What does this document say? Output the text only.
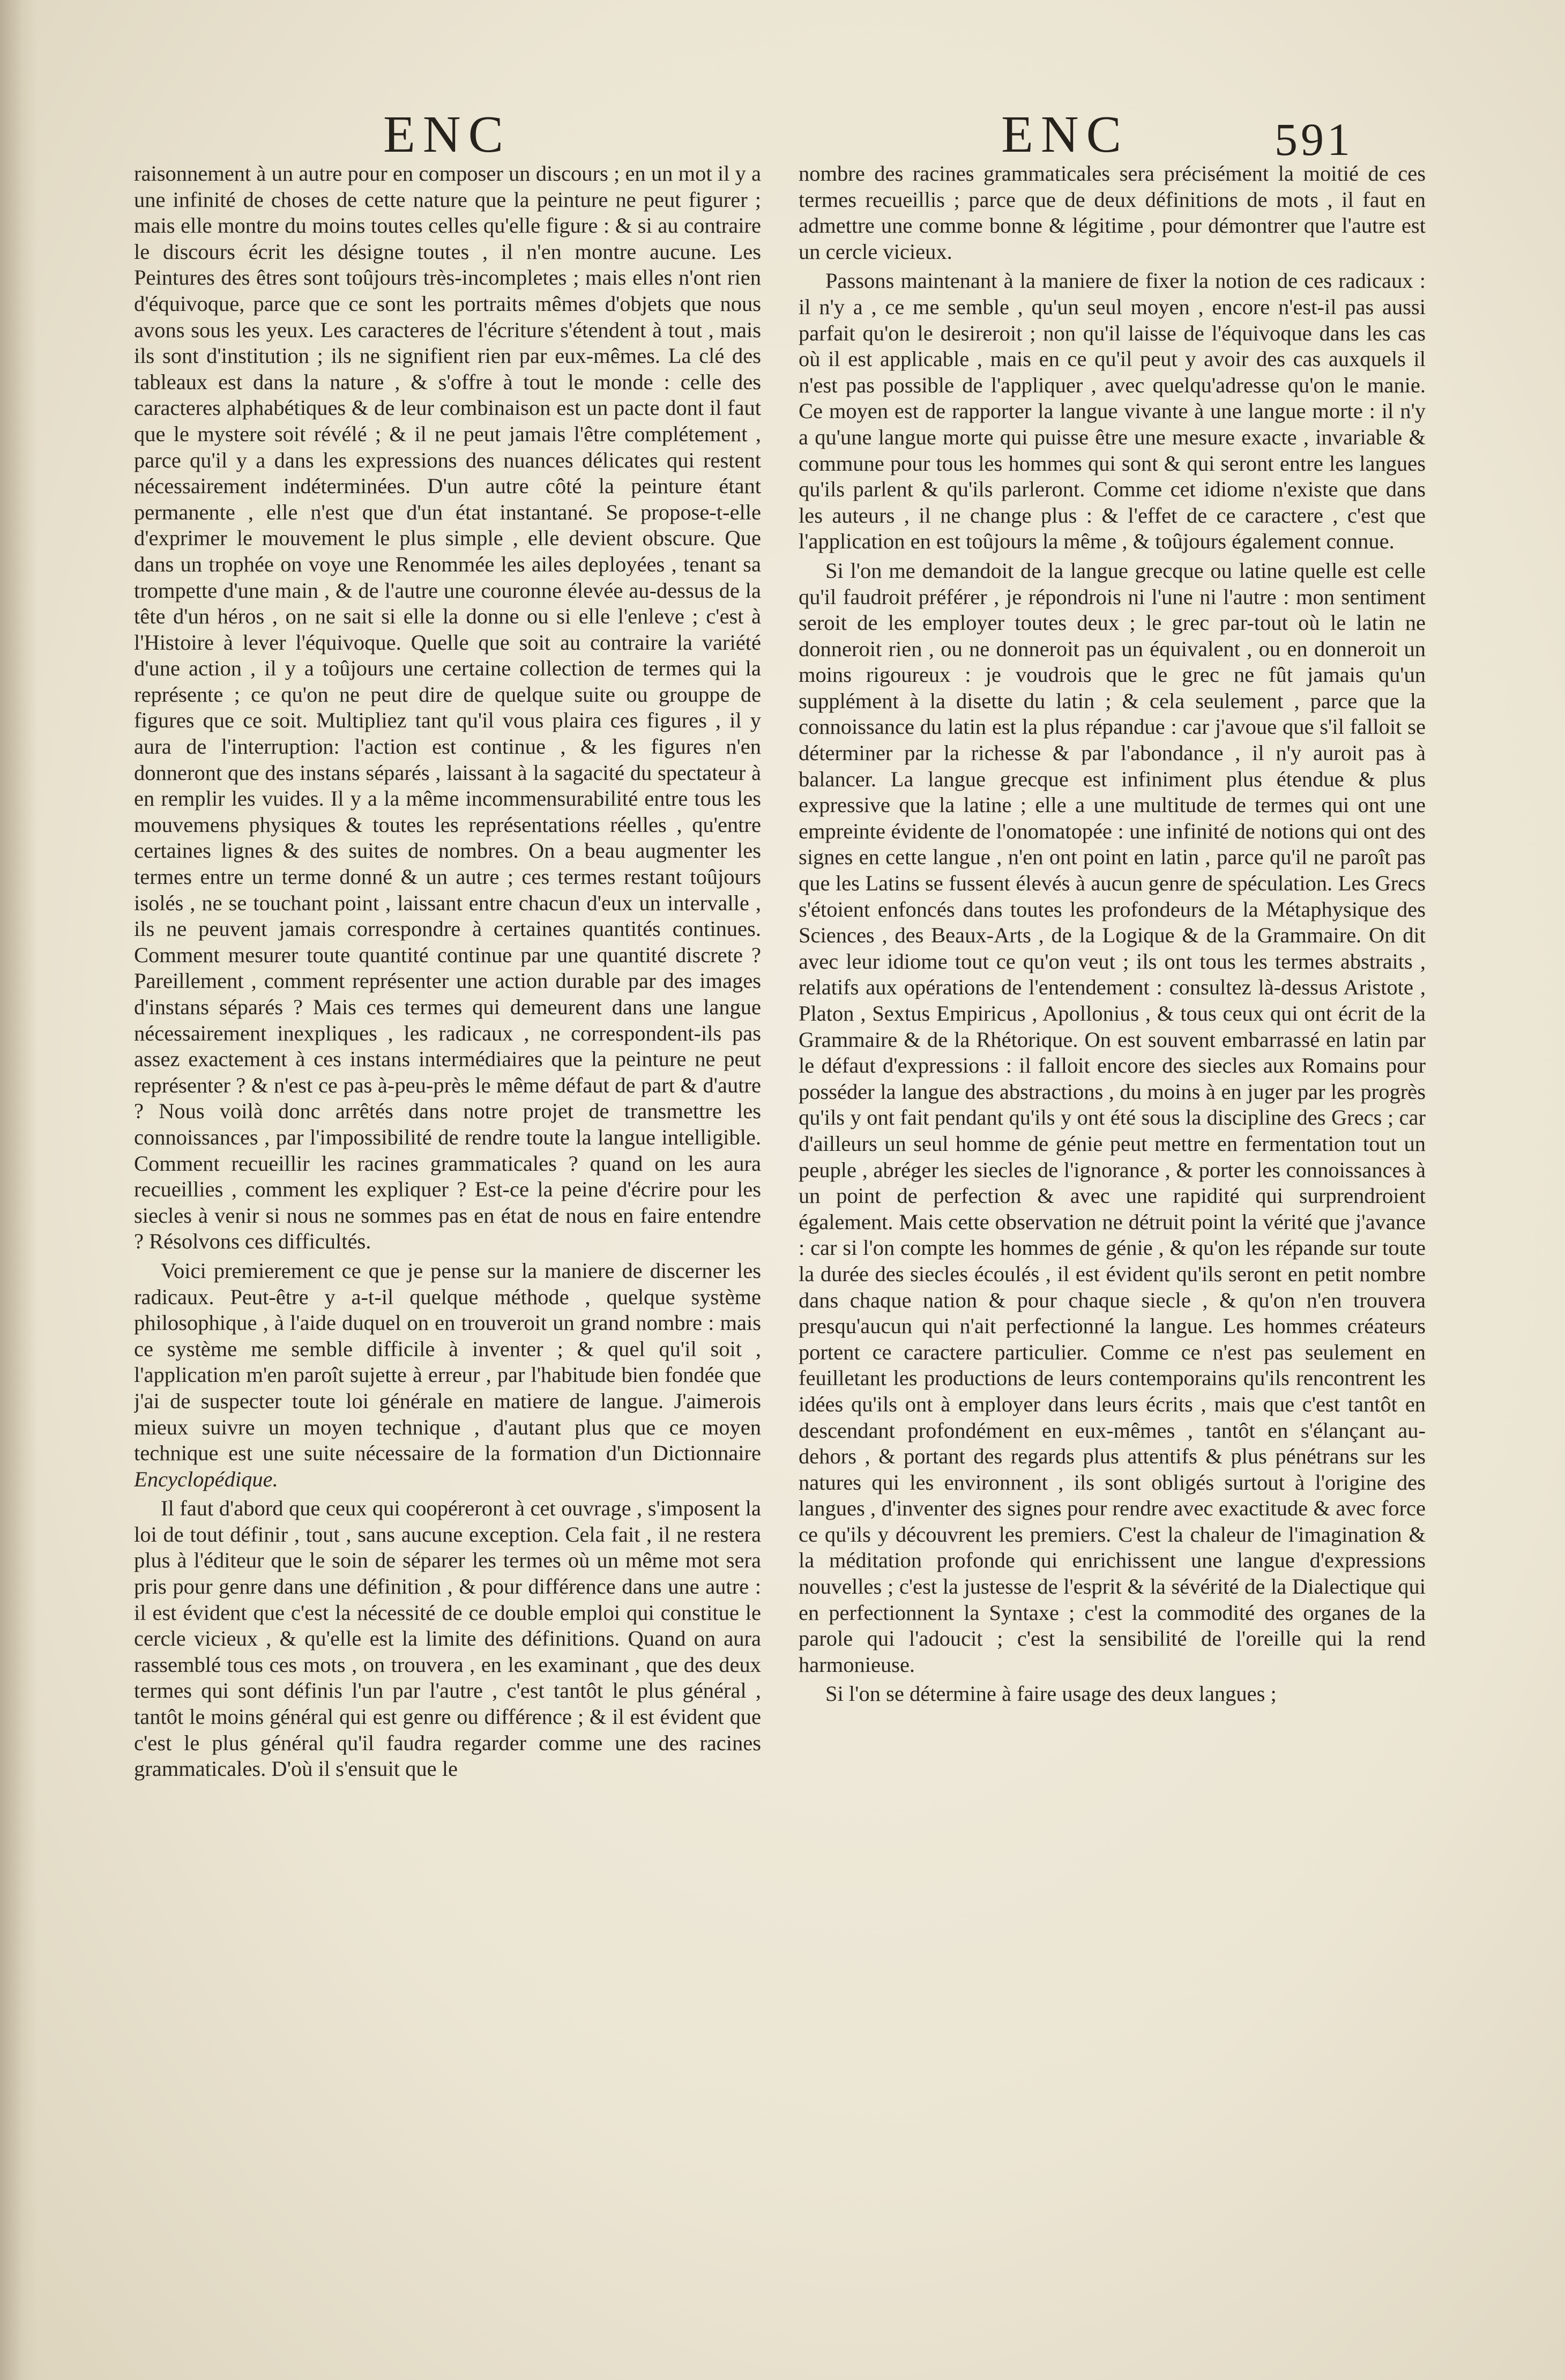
ENC	ENC	591

raisonnement à un autre pour en composer un discours ; en un mot il y a une infinité de choses de cette nature que la peinture ne peut figurer ; mais elle montre du moins toutes celles qu'elle figure : & si au contraire le discours écrit les désigne toutes , il n'en montre aucune. Les Peintures des êtres sont toûjours très-incompletes ; mais elles n'ont rien d'équivoque, parce que ce sont les portraits mêmes d'objets que nous avons sous les yeux. Les caracteres de l'écriture s'étendent à tout , mais ils sont d'institution ; ils ne signifient rien par eux-mêmes. La clé des tableaux est dans la nature , & s'offre à tout le monde : celle des caracteres alphabétiques & de leur combinaison est un pacte dont il faut que le mystere soit révélé ; & il ne peut jamais l'être complétement , parce qu'il y a dans les expressions des nuances délicates qui restent nécessairement indéterminées. D'un autre côté la peinture étant permanente , elle n'est que d'un état instantané. Se propose-t-elle d'exprimer le mouvement le plus simple , elle devient obscure. Que dans un trophée on voye une Renommée les ailes deployées , tenant sa trompette d'une main , & de l'autre une couronne élevée au-dessus de la tête d'un héros , on ne sait si elle la donne ou si elle l'enleve ; c'est à l'Histoire à lever l'équivoque. Quelle que soit au contraire la variété d'une action , il y a toûjours une certaine collection de termes qui la représente ; ce qu'on ne peut dire de quelque suite ou grouppe de figures que ce soit. Multipliez tant qu'il vous plaira ces figures , il y aura de l'interruption: l'action est continue , & les figures n'en donneront que des instans séparés , laissant à la sagacité du spectateur à en remplir les vuides. Il y a la même incommensurabilité entre tous les mouvemens physiques & toutes les représentations réelles , qu'entre certaines lignes & des suites de nombres. On a beau augmenter les termes entre un terme donné & un autre ; ces termes restant toûjours isolés , ne se touchant point , laissant entre chacun d'eux un intervalle , ils ne peuvent jamais correspondre à certaines quantités continues. Comment mesurer toute quantité continue par une quantité discrete ? Pareillement , comment représenter une action durable par des images d'instans séparés ? Mais ces termes qui demeurent dans une langue nécessairement inexpliques , les radicaux , ne correspondent-ils pas assez exactement à ces instans intermédiaires que la peinture ne peut représenter ? & n'est ce pas à-peu-près le même défaut de part & d'autre ? Nous voilà donc arrêtés dans notre projet de transmettre les connoissances , par l'impossibilité de rendre toute la langue intelligible. Comment recueillir les racines grammaticales ? quand on les aura recueillies , comment les expliquer ? Est-ce la peine d'écrire pour les siecles à venir si nous ne sommes pas en état de nous en faire entendre ? Résolvons ces difficultés.

Voici premierement ce que je pense sur la maniere de discerner les radicaux. Peut-être y a-t-il quelque méthode , quelque système philosophique , à l'aide duquel on en trouveroit un grand nombre : mais ce système me semble difficile à inventer ; & quel qu'il soit , l'application m'en paroît sujette à erreur , par l'habitude bien fondée que j'ai de suspecter toute loi générale en matiere de langue. J'aimerois mieux suivre un moyen technique , d'autant plus que ce moyen technique est une suite nécessaire de la formation d'un Dictionnaire Encyclopédique.

Il faut d'abord que ceux qui coopéreront à cet ouvrage , s'imposent la loi de tout définir , tout , sans aucune exception. Cela fait , il ne restera plus à l'éditeur que le soin de séparer les termes où un même mot sera pris pour genre dans une définition , & pour différence dans une autre : il est évident que c'est la nécessité de ce double emploi qui constitue le cercle vicieux , & qu'elle est la limite des définitions. Quand on aura rassemblé tous ces mots , on trouvera , en les examinant , que des deux termes qui sont définis l'un par l'autre , c'est tantôt le plus général , tantôt le moins général qui est genre ou différence ; & il est évident que c'est le plus général qu'il faudra regarder comme une des racines grammaticales. D'où il s'ensuit que le

nombre des racines grammaticales sera précisément la moitié de ces termes recueillis ; parce que de deux définitions de mots , il faut en admettre une comme bonne & légitime , pour démontrer que l'autre est un cercle vicieux.

Passons maintenant à la maniere de fixer la notion de ces radicaux : il n'y a , ce me semble , qu'un seul moyen , encore n'est-il pas aussi parfait qu'on le desireroit ; non qu'il laisse de l'équivoque dans les cas où il est applicable , mais en ce qu'il peut y avoir des cas auxquels il n'est pas possible de l'appliquer , avec quelqu'adresse qu'on le manie. Ce moyen est de rapporter la langue vivante à une langue morte : il n'y a qu'une langue morte qui puisse être une mesure exacte , invariable & commune pour tous les hommes qui sont & qui seront entre les langues qu'ils parlent & qu'ils parleront. Comme cet idiome n'existe que dans les auteurs , il ne change plus : & l'effet de ce caractere , c'est que l'application en est toûjours la même , & toûjours également connue.

Si l'on me demandoit de la langue grecque ou latine quelle est celle qu'il faudroit préférer , je répondrois ni l'une ni l'autre : mon sentiment seroit de les employer toutes deux ; le grec par-tout où le latin ne donneroit rien , ou ne donneroit pas un équivalent , ou en donneroit un moins rigoureux : je voudrois que le grec ne fût jamais qu'un supplément à la disette du latin ; & cela seulement , parce que la connoissance du latin est la plus répandue : car j'avoue que s'il falloit se déterminer par la richesse & par l'abondance , il n'y auroit pas à balancer. La langue grecque est infiniment plus étendue & plus expressive que la latine ; elle a une multitude de termes qui ont une empreinte évidente de l'onomatopée : une infinité de notions qui ont des signes en cette langue , n'en ont point en latin , parce qu'il ne paroît pas que les Latins se fussent élevés à aucun genre de spéculation. Les Grecs s'étoient enfoncés dans toutes les profondeurs de la Métaphysique des Sciences , des Beaux-Arts , de la Logique & de la Grammaire. On dit avec leur idiome tout ce qu'on veut ; ils ont tous les termes abstraits , relatifs aux opérations de l'entendement : consultez là-dessus Aristote , Platon , Sextus Empiricus , Apollonius , & tous ceux qui ont écrit de la Grammaire & de la Rhétorique. On est souvent embarrassé en latin par le défaut d'expressions : il falloit encore des siecles aux Romains pour posséder la langue des abstractions , du moins à en juger par les progrès qu'ils y ont fait pendant qu'ils y ont été sous la discipline des Grecs ; car d'ailleurs un seul homme de génie peut mettre en fermentation tout un peuple , abréger les siecles de l'ignorance , & porter les connoissances à un point de perfection & avec une rapidité qui surprendroient également. Mais cette observation ne détruit point la vérité que j'avance : car si l'on compte les hommes de génie , & qu'on les répande sur toute la durée des siecles écoulés , il est évident qu'ils seront en petit nombre dans chaque nation & pour chaque siecle , & qu'on n'en trouvera presqu'aucun qui n'ait perfectionné la langue. Les hommes créateurs portent ce caractere particulier. Comme ce n'est pas seulement en feuilletant les productions de leurs contemporains qu'ils rencontrent les idées qu'ils ont à employer dans leurs écrits , mais que c'est tantôt en descendant profondément en eux-mêmes , tantôt en s'élançant au-dehors , & portant des regards plus attentifs & plus pénétrans sur les natures qui les environnent , ils sont obligés surtout à l'origine des langues , d'inventer des signes pour rendre avec exactitude & avec force ce qu'ils y découvrent les premiers. C'est la chaleur de l'imagination & la méditation profonde qui enrichissent une langue d'expressions nouvelles ; c'est la justesse de l'esprit & la sévérité de la Dialectique qui en perfectionnent la Syntaxe ; c'est la commodité des organes de la parole qui l'adoucit ; c'est la sensibilité de l'oreille qui la rend harmonieuse.

Si l'on se détermine à faire usage des deux langues ;
